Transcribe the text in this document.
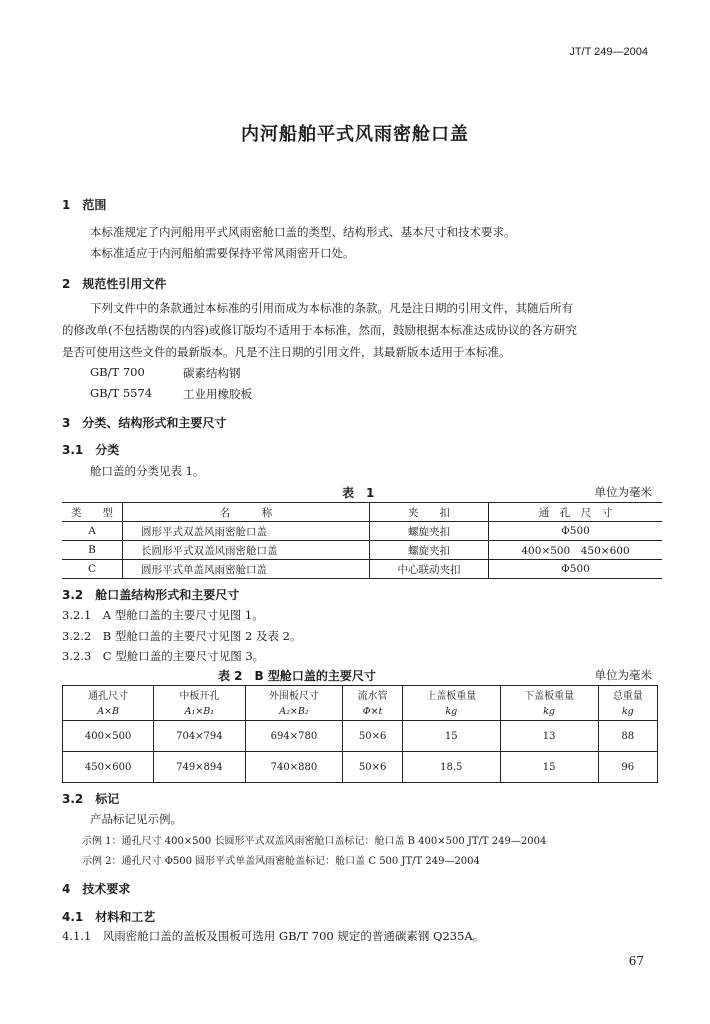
JT/T 249—2004
内河船舶平式风雨密舱口盖
1　范围
本标准规定了内河船用平式风雨密舱口盖的类型、结构形式、基本尺寸和技术要求。
本标准适应于内河船舶需要保持平常风雨密开口处。
2　规范性引用文件
下列文件中的条款通过本标准的引用而成为本标准的条款。凡是注日期的引用文件，其随后所有
的修改单(不包括勘误的内容)或修订版均不适用于本标准，然而，鼓励根据本标准达成协议的各方研究
是否可使用这些文件的最新版本。凡是不注日期的引用文件，其最新版本适用于本标准。
GB/T 700	碳素结构钢
GB/T 5574	工业用橡胶板
3　分类、结构形式和主要尺寸
3.1　分类
舱口盖的分类见表 1。
表　1	单位为毫米
类　　型	名　　　称	夹　　扣	通　孔　尺　寸
A	圆形平式双盖风雨密舱口盖	螺旋夹扣	Φ500
B	长圆形平式双盖风雨密舱口盖	螺旋夹扣	400×500　450×600
C	圆形平式单盖风雨密舱口盖	中心联动夹扣	Φ500
3.2　舱口盖结构形式和主要尺寸
3.2.1　A 型舱口盖的主要尺寸见图 1。
3.2.2　B 型舱口盖的主要尺寸见图 2 及表 2。
3.2.3　C 型舱口盖的主要尺寸见图 3。
表 2　B 型舱口盖的主要尺寸	单位为毫米
通孔尺寸	中板开孔	外围板尺寸	流水管	上盖板重量	下盖板重量	总重量
A×B	A₁×B₁	A₂×B₂	Φ×t	kg	kg	kg
400×500	704×794	694×780	50×6	15	13	88
450×600	749×894	740×880	50×6	18.5	15	96
3.2　标记
产品标记见示例。
示例 1：通孔尺寸 400×500 长圆形平式双盖风雨密舱口盖标记：舱口盖 B 400×500 JT/T 249—2004
示例 2：通孔尺寸 Φ500 圆形平式单盖风雨密舱盖标记：舱口盖 C 500 JT/T 249—2004
4　技术要求
4.1　材料和工艺
4.1.1　风雨密舱口盖的盖板及围板可选用 GB/T 700 规定的普通碳素钢 Q235A。
67
